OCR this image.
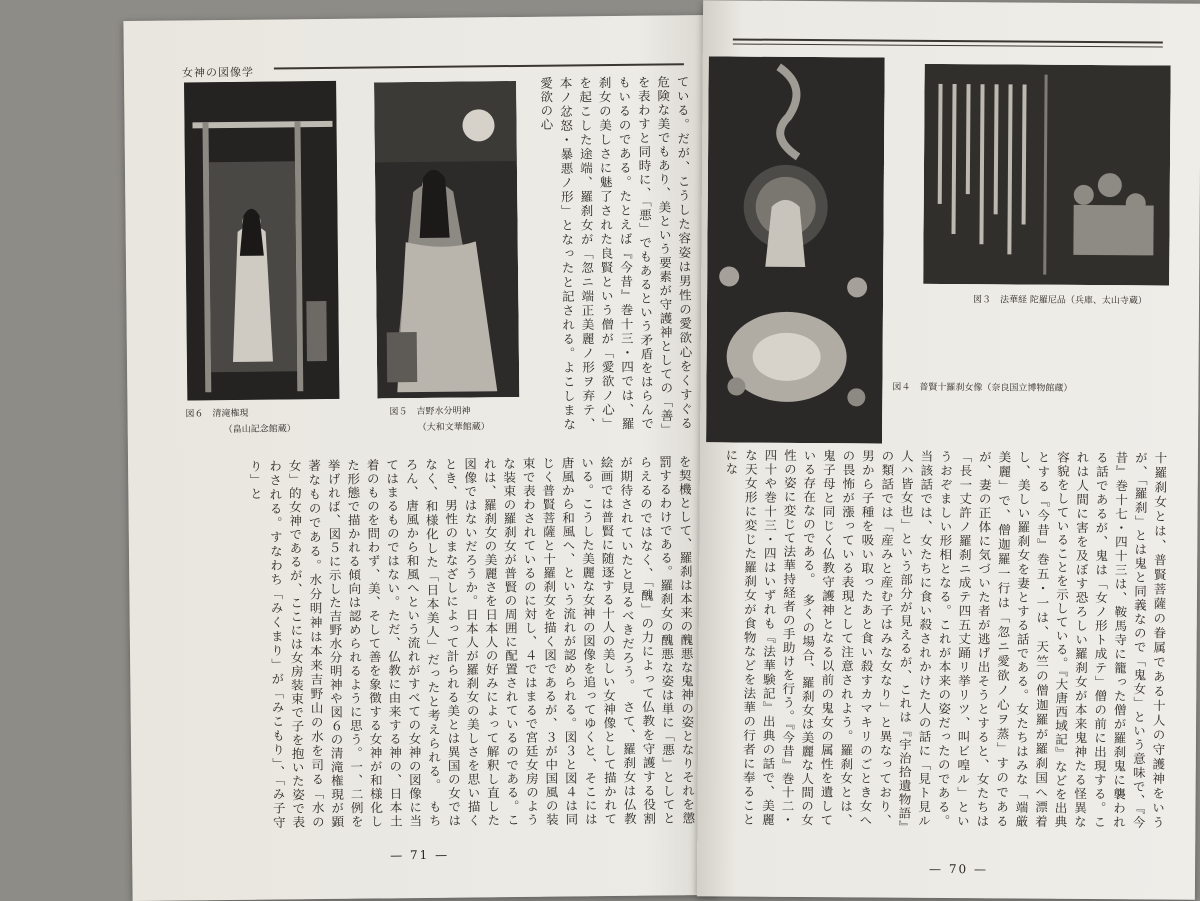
女神の図像学
図６　清滝権現
（畠山記念館蔵）
図５　吉野水分明神
（大和文華館蔵）	ている。だが、こうした容姿は男性の愛欲心をくすぐる危険な美でもあり、美という要素が守護神としての「善」を表わすと同時に、「悪」でもあるという矛盾をはらんでもいるのである。たとえば『今昔』巻十三・四では、羅刹女の美しさに魅了された良賢という僧が「愛欲ノ心」を起こした途端、羅刹女が「忽ニ端正美麗ノ形ヲ弃テ、本ノ忿怒・暴悪ノ形」となったと記される。よこしまな愛欲の心
を契機として、羅刹は本来の醜悪な鬼神の姿となりそれを懲罰するわけである。羅刹女の醜悪な姿は単に「悪」としてとらえるのではなく、「醜」の力によって仏教を守護する役割が期待されていたと見るべきだろう。　さて、羅刹女は仏教絵画では普賢に随逐する十人の美しい女神像として描かれている。こうした美麗な女神の図像を追ってゆくと、そこには唐風から和風へ、という流れが認められる。図３と図４は同じく普賢菩薩と十羅刹女を描く図であるが、３が中国風の装束で表わされているのに対し、４ではまるで宮廷女房のような装束の羅刹女が普賢の周囲に配置されているのである。これは、羅刹女の美麗さを日本人の好みによって解釈し直した図像ではないだろうか。日本人が羅刹女の美しさを思い描くとき、男性のまなざしによって計られる美とは異国の女ではなく、和様化した「日本美人」だったと考えられる。　もちろん、唐風から和風へという流れがすべての女神の図像に当てはまるものではない。ただ、仏教に由来する神の、日本土着のものを問わず、美、そして善を象徴する女神が和様化した形態で描かれる傾向は認められるように思う。一、二例を挙げれば、図５に示した吉野水分明神や図６の清滝権現が顕著なものである。水分明神は本来吉野山の水を司る「水の女」的女神であるが、ここには女房装束で子を抱いた姿で表わされる。すなわち「みくまり」が「みこもり」、「み子守り」と
— 71 —
図３　法華経 陀羅尼品（兵庫、太山寺蔵）
図４　普賢十羅刹女像（奈良国立博物館蔵）
十羅刹女とは、普賢菩薩の眷属である十人の守護神をいうが、「羅刹」とは鬼と同義なので「鬼女」という意味で、『今昔』巻十七・四十三は、鞍馬寺に籠った僧が羅刹鬼に襲われる話であるが、鬼は「女ノ形ト成テ」僧の前に出現する。これは人間に害を及ぼす恐ろしい羅刹女が本来鬼神たる怪異な容貌をしていることを示している。『大唐西域記』などを出典とする『今昔』巻五・一は、天竺の僧迦羅が羅刹国へ漂着し、美しい羅刹女を妻とする話である。女たちはみな「端厳美麗」で、僧迦羅一行は「忽ニ愛欲ノ心ヲ蒸」すのであるが、妻の正体に気づいた者が逃げ出そうとすると、女たちは「長一丈許ノ羅刹ニ成テ四五丈踊リ挙リツ、叫ビ喤ル」というおぞましい形相となる。これが本来の姿だったのである。当該話では、女たちに食い殺されかけた人の話に「見ト見ル人ハ皆女也」という部分が見えるが、これは『宇治拾遺物語』の類話では「産みと産む子はみな女なり」と異なっており、男から子種を吸い取ったあと食い殺すカマキリのごとき女への畏怖が漲っている表現として注意されよう。羅刹女とは、鬼子母と同じく仏教守護神となる以前の鬼女の属性を遺している存在なのである。　多くの場合、羅刹女は美麗な人間の女性の姿に変じて法華持経者の手助けを行う。『今昔』巻十二・四十や巻十三・四はいずれも『法華験記』出典の話で、美麗な天女形に変じた羅刹女が食物などを法華の行者に奉ることにな
— 70 —
